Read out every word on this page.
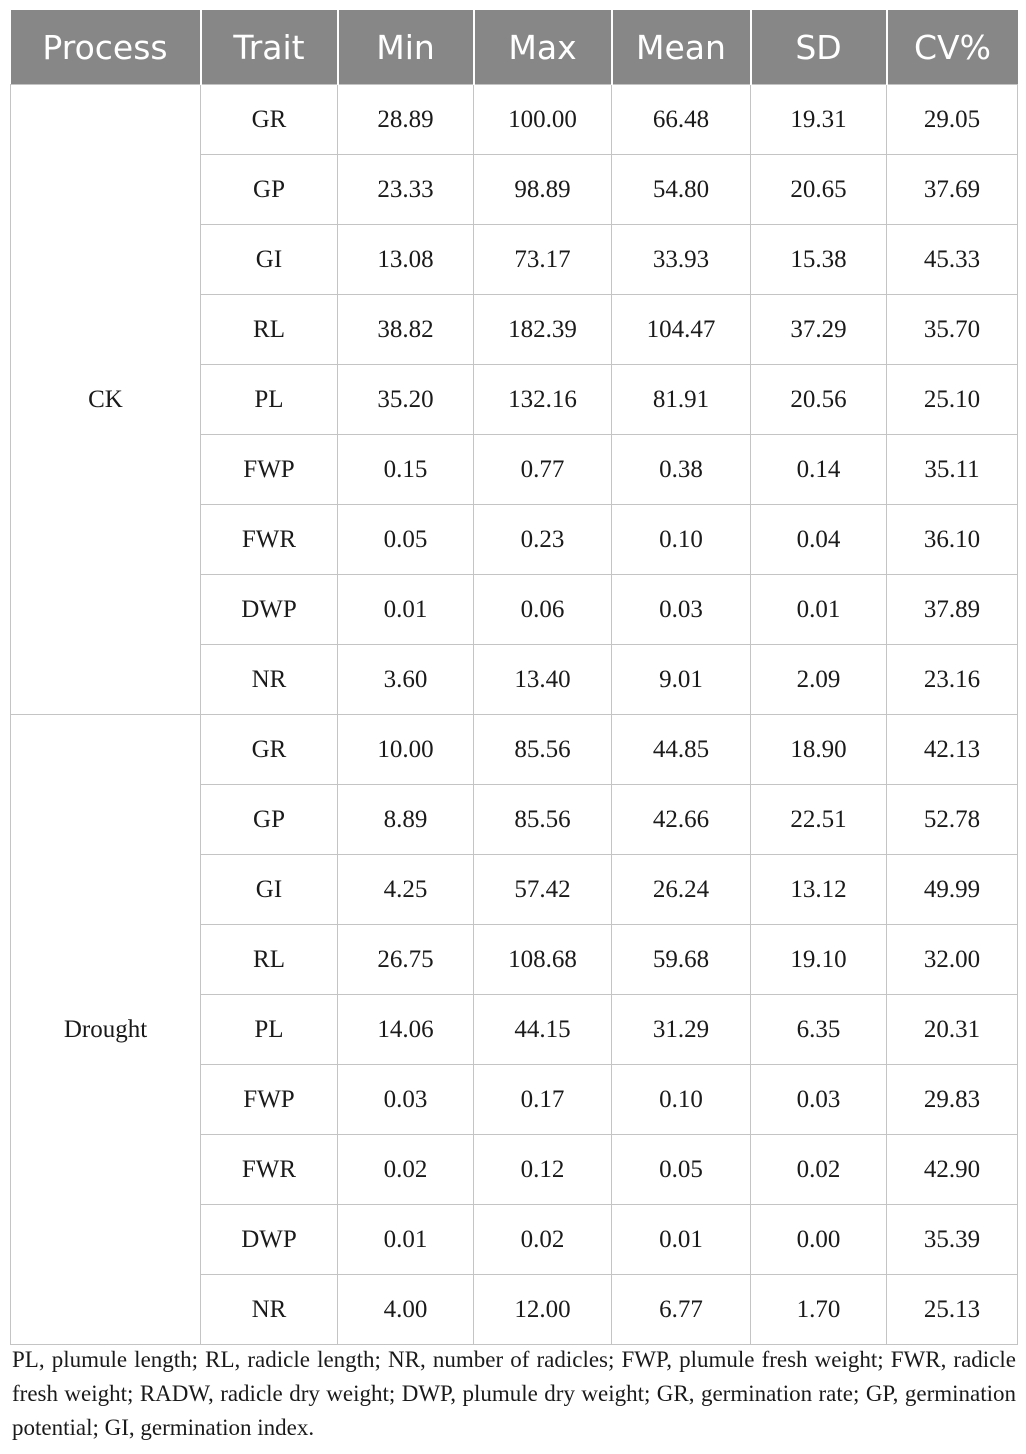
Process	Trait	Min	Max	Mean	SD	CV%
CK	GR	28.89	100.00	66.48	19.31	29.05
	GP	23.33	98.89	54.80	20.65	37.69
	GI	13.08	73.17	33.93	15.38	45.33
	RL	38.82	182.39	104.47	37.29	35.70
	PL	35.20	132.16	81.91	20.56	25.10
	FWP	0.15	0.77	0.38	0.14	35.11
	FWR	0.05	0.23	0.10	0.04	36.10
	DWP	0.01	0.06	0.03	0.01	37.89
	NR	3.60	13.40	9.01	2.09	23.16
Drought	GR	10.00	85.56	44.85	18.90	42.13
	GP	8.89	85.56	42.66	22.51	52.78
	GI	4.25	57.42	26.24	13.12	49.99
	RL	26.75	108.68	59.68	19.10	32.00
	PL	14.06	44.15	31.29	6.35	20.31
	FWP	0.03	0.17	0.10	0.03	29.83
	FWR	0.02	0.12	0.05	0.02	42.90
	DWP	0.01	0.02	0.01	0.00	35.39
	NR	4.00	12.00	6.77	1.70	25.13

PL, plumule length; RL, radicle length; NR, number of radicles; FWP, plumule fresh weight; FWR, radicle fresh weight; RADW, radicle dry weight; DWP, plumule dry weight; GR, germination rate; GP, germination potential; GI, germination index.
